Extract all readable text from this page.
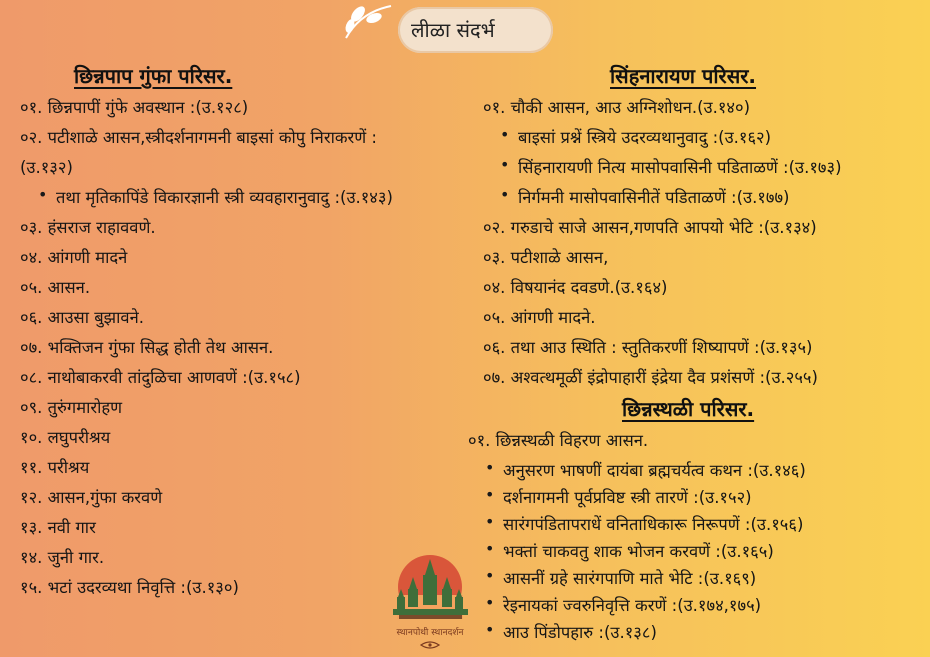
लीळा संदर्भ
छिन्नपाप गुंफा परिसर.
०१. छिन्नपापीं गुंफे अवस्थान :(उ.१२८)
०२. पटीशाळे आसन,स्त्रीदर्शनागमनी बाइसां कोपु निराकरणें :
(उ.१३२)
• तथा मृतिकापिंडे विकारज्ञानी स्त्री व्यवहारानुवादु :(उ.१४३)
०३. हंसराज राहाववणे.
०४. आंगणी मादने
०५. आसन.
०६. आउसा बुझावने.
०७. भक्तिजन गुंफा सिद्ध होती तेथ आसन.
०८. नाथोबाकरवी तांदुळिचा आणवणें :(उ.१५८)
०९. तुरुंगमारोहण
१०. लघुपरीश्रय
११. परीश्रय
१२. आसन,गुंफा करवणे
१३. नवी गार
१४. जुनी गार.
१५. भटां उदरव्यथा निवृत्ति :(उ.१३०)
सिंहनारायण परिसर.
०१. चौकी आसन, आउ अग्निशोधन.(उ.१४०)
• बाइसां प्रश्नें स्त्रिये उदरव्यथानुवादु :(उ.१६२)
• सिंहनारायणी नित्य मासोपवासिनी पडिताळणें :(उ.१७३)
• निर्गमनी मासोपवासिनीतें पडिताळणें :(उ.१७७)
०२. गरुडाचे साजे आसन,गणपति आपयो भेटि :(उ.१३४)
०३. पटीशाळे आसन,
०४. विषयानंद दवडणे.(उ.१६४)
०५. आंगणी मादने.
०६. तथा आउ स्थिति : स्तुतिकरणीं शिष्यापणें :(उ.१३५)
०७. अश्वत्थमूळीं इंद्रोपाहारीं इंद्रेया दैव प्रशंसणें :(उ.२५५)
छिन्नस्थळी परिसर.
०१. छिन्नस्थळी विहरण आसन.
• अनुसरण भाषणीं दायंबा ब्रह्मचर्यत्व कथन :(उ.१४६)
• दर्शनागमनी पूर्वप्रविष्ट स्त्री तारणें :(उ.१५२)
• सारंगपंडितापराधें वनिताधिकारू निरूपणें :(उ.१५६)
• भक्तां चाकवतु शाक भोजन करवणें :(उ.१६५)
• आसनीं ग्रहे सारंगपाणि माते भेटि :(उ.१६९)
• रेइनायकां ज्वरुनिवृत्ति करणें :(उ.१७४,१७५)
• आउ पिंडोपहारु :(उ.१३८)
स्थानपोथी स्थानदर्शन
